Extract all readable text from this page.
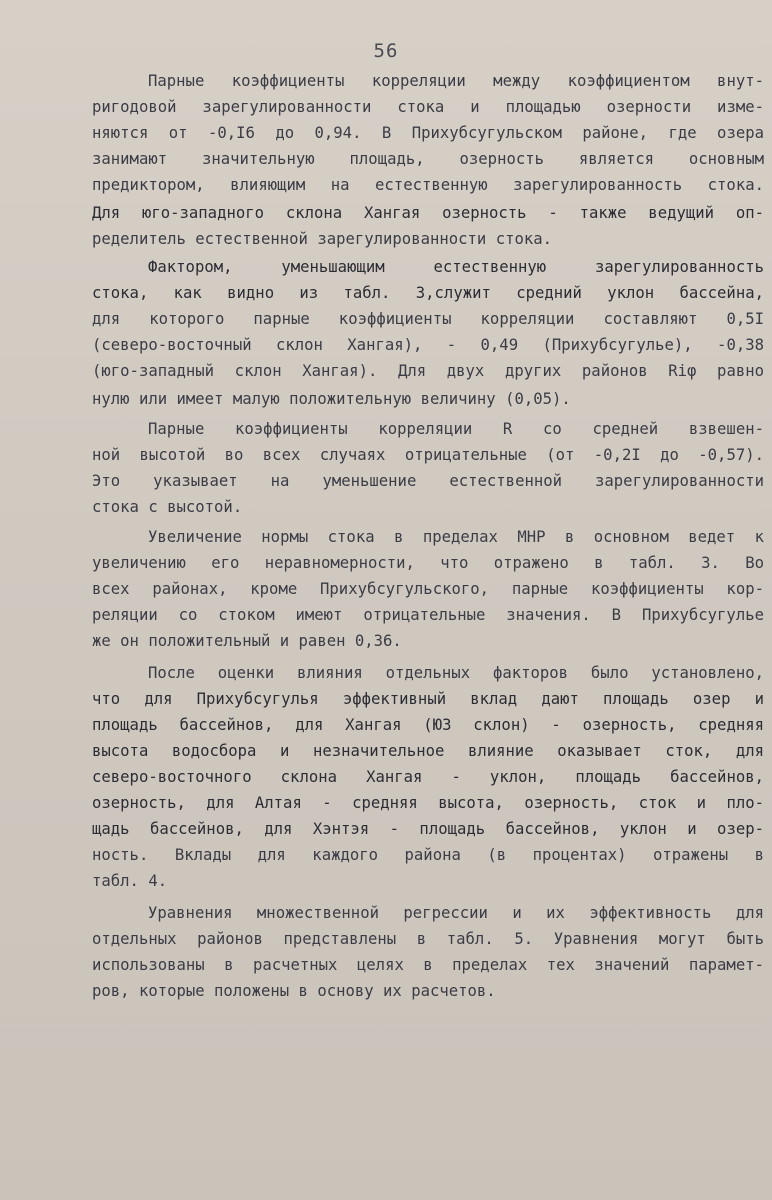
56
Парные коэффициенты корреляции между коэффициентом внут-
ригодовой зарегулированности стока и площадью озерности изме-
няются от -0,I6 до 0,94. В Прихубсугульском районе, где озера
занимают значительную площадь, озерность является основным
предиктором, влияющим на естественную зарегулированность стока.
Для юго-западного склона Хангая озерность - также ведущий оп-
ределитель естественной зарегулированности стока.
Фактором, уменьшающим естественную зарегулированность
стока, как видно из табл. 3,служит средний уклон бассейна,
для которого парные коэффициенты корреляции составляют 0,5I
(северо-восточный склон Хангая), - 0,49 (Прихубсугулье), -0,38
(юго-западный склон Хангая). Для двух других районов Riφ равно
нулю или имеет малую положительную величину (0,05).
Парные коэффициенты корреляции R со средней взвешен-
ной высотой во всех случаях отрицательные (от -0,2I до -0,57).
Это указывает на уменьшение естественной зарегулированности
стока с высотой.
Увеличение нормы стока в пределах МНР в основном ведет к
увеличению его неравномерности, что отражено в табл. 3. Во
всех районах, кроме Прихубсугульского, парные коэффициенты кор-
реляции со стоком имеют отрицательные значения. В Прихубсугулье
же он положительный и равен 0,36.
После оценки влияния отдельных факторов было установлено,
что для Прихубсугулья эффективный вклад дают площадь озер и
площадь бассейнов, для Хангая (ЮЗ склон) - озерность, средняя
высота водосбора и незначительное влияние оказывает сток, для
северо-восточного склона Хангая - уклон, площадь бассейнов,
озерность, для Алтая - средняя высота, озерность, сток и пло-
щадь бассейнов, для Хэнтэя - площадь бассейнов, уклон и озер-
ность. Вклады для каждого района (в процентах) отражены в
табл. 4.
Уравнения множественной регрессии и их эффективность для
отдельных районов представлены в табл. 5. Уравнения могут быть
использованы в расчетных целях в пределах тех значений парамет-
ров, которые положены в основу их расчетов.
